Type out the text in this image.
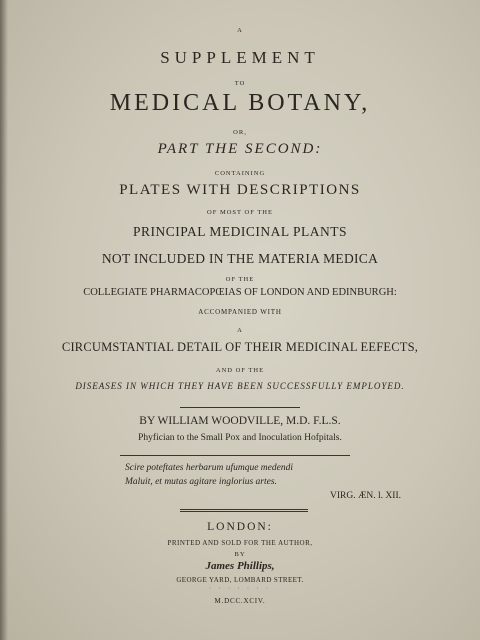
A
SUPPLEMENT
TO
MEDICAL BOTANY,
OR,
PART THE SECOND:
CONTAINING
PLATES WITH DESCRIPTIONS
OF MOST OF THE
PRINCIPAL MEDICINAL PLANTS
NOT INCLUDED IN THE MATERIA MEDICA
OF THE
COLLEGIATE PHARMACOPŒIAS OF LONDON AND EDINBURGH:
ACCOMPANIED WITH
A
CIRCUMSTANTIAL DETAIL OF THEIR MEDICINAL EEFECTS,
AND OF THE
DISEASES IN WHICH THEY HAVE BEEN SUCCESSFULLY EMPLOYED.
BY WILLIAM WOODVILLE, M.D. F.L.S.
Phyfician to the Small Pox and Inoculation Hofpitals.
Scire poteftates herbarum ufumque medendi
Maluit, et mutas agitare inglorius artes.
VIRG. ÆN. l. XII.
LONDON:
PRINTED AND SOLD FOR THE AUTHOR,
BY
James Phillips,
GEORGE YARD, LOMBARD STREET.
· · · · · · ·
M.DCC.XCIV.
